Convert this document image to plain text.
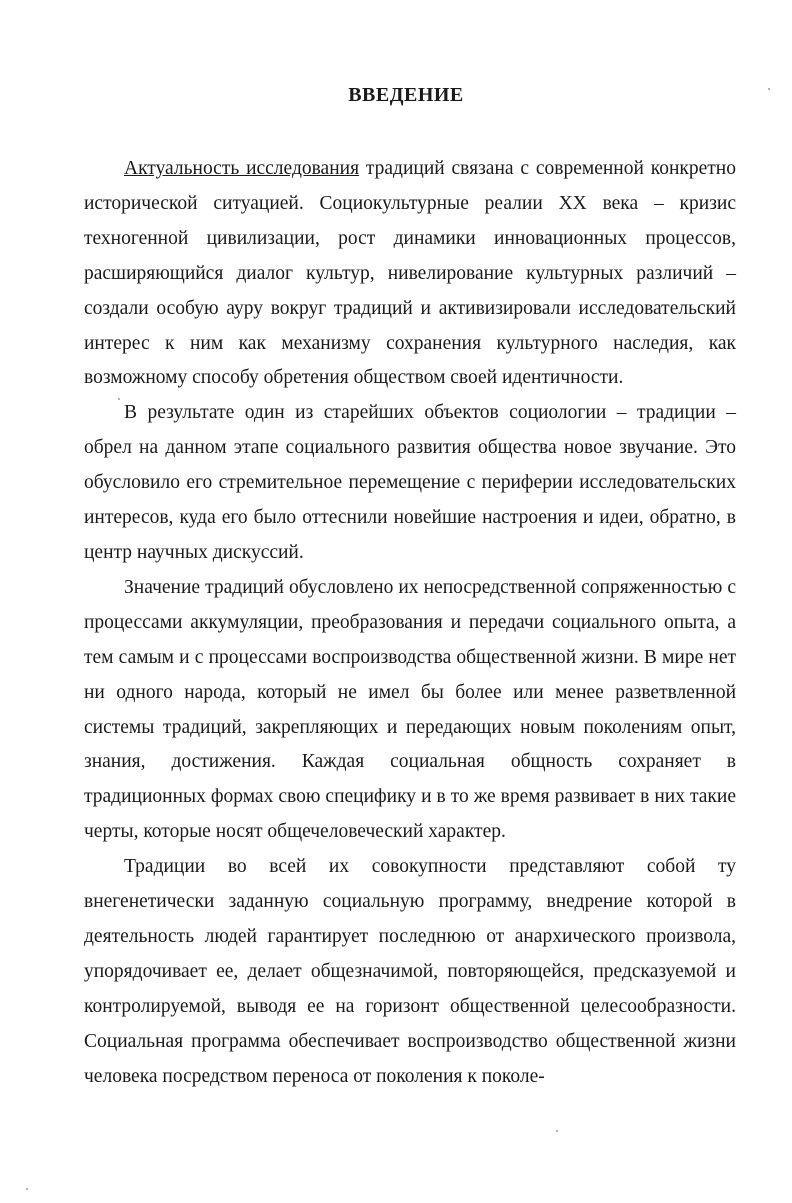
ВВЕДЕНИЕ

Актуальность исследования традиций связана с современной конкретно исторической ситуацией. Социокультурные реалии XX века – кризис техногенной цивилизации, рост динамики инновационных процессов, расширяющийся диалог культур, нивелирование культурных различий – создали особую ауру вокруг традиций и активизировали исследовательский интерес к ним как механизму сохранения культурного наследия, как возможному способу обретения обществом своей идентичности.

В результате один из старейших объектов социологии – традиции – обрел на данном этапе социального развития общества новое звучание. Это обусловило его стремительное перемещение с периферии исследовательских интересов, куда его было оттеснили новейшие настроения и идеи, обратно, в центр научных дискуссий.

Значение традиций обусловлено их непосредственной сопряженностью с процессами аккумуляции, преобразования и передачи социального опыта, а тем самым и с процессами воспроизводства общественной жизни. В мире нет ни одного народа, который не имел бы более или менее разветвленной системы традиций, закрепляющих и передающих новым поколениям опыт, знания, достижения. Каждая социальная общность сохраняет в традиционных формах свою специфику и в то же время развивает в них такие черты, которые носят общечеловеческий характер.

Традиции во всей их совокупности представляют собой ту внегенетически заданную социальную программу, внедрение которой в деятельность людей гарантирует последнюю от анархического произвола, упорядочивает ее, делает общезначимой, повторяющейся, предсказуемой и контролируемой, выводя ее на горизонт общественной целесообразности. Социальная программа обеспечивает воспроизводство общественной жизни человека посредством переноса от поколения к поколе-
